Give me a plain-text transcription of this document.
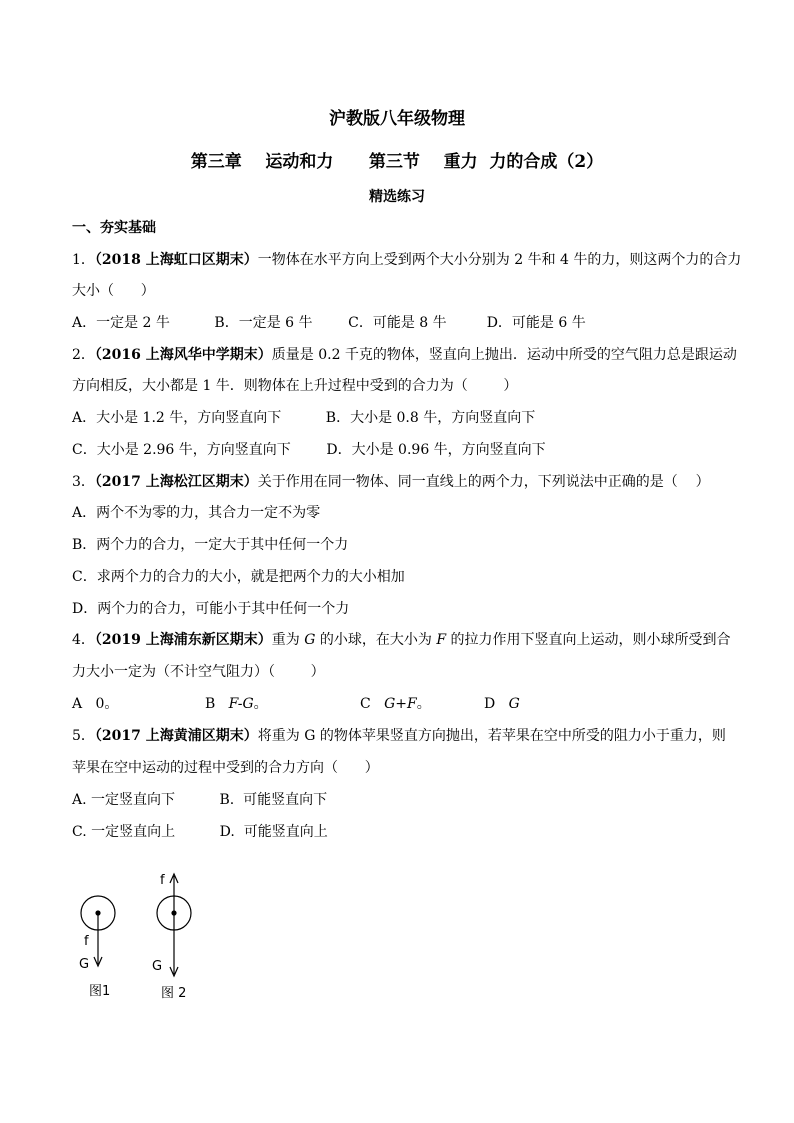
沪教版八年级物理
第三章    运动和力      第三节    重力  力的合成（2）
精选练习
一、夯实基础
1．（2018 上海虹口区期末）一物体在水平方向上受到两个大小分别为 2 牛和 4 牛的力，则这两个力的合力
大小（      ）
A．一定是 2 牛          B．一定是 6 牛        C．可能是 8 牛         D．可能是 6 牛
2．（2016 上海风华中学期末）质量是 0.2 千克的物体，竖直向上抛出．运动中所受的空气阻力总是跟运动
方向相反，大小都是 1 牛．则物体在上升过程中受到的合力为（        ）
A．大小是 1.2 牛，方向竖直向下          B．大小是 0.8 牛，方向竖直向下
C．大小是 2.96 牛，方向竖直向下        D．大小是 0.96 牛，方向竖直向下
3．（2017 上海松江区期末）关于作用在同一物体、同一直线上的两个力，下列说法中正确的是（    ）
A．两个不为零的力，其合力一定不为零
B．两个力的合力，一定大于其中任何一个力
C．求两个力的合力的大小，就是把两个力的大小相加
D．两个力的合力，可能小于其中任何一个力
4．（2019 上海浦东新区期末）重为 G 的小球，在大小为 F 的拉力作用下竖直向上运动，则小球所受到合
力大小一定为（不计空气阻力）（        ）
A   0。	B   F-G。	C   G+F。	D   G
5．（2017 上海黄浦区期末）将重为 G 的物体苹果竖直方向抛出，若苹果在空中所受的阻力小于重力，则
苹果在空中运动的过程中受到的合力方向（      ）
A. 一定竖直向下          B.  可能竖直向下
C. 一定竖直向上          D.  可能竖直向上
f
G
图1
f
G
图 2
